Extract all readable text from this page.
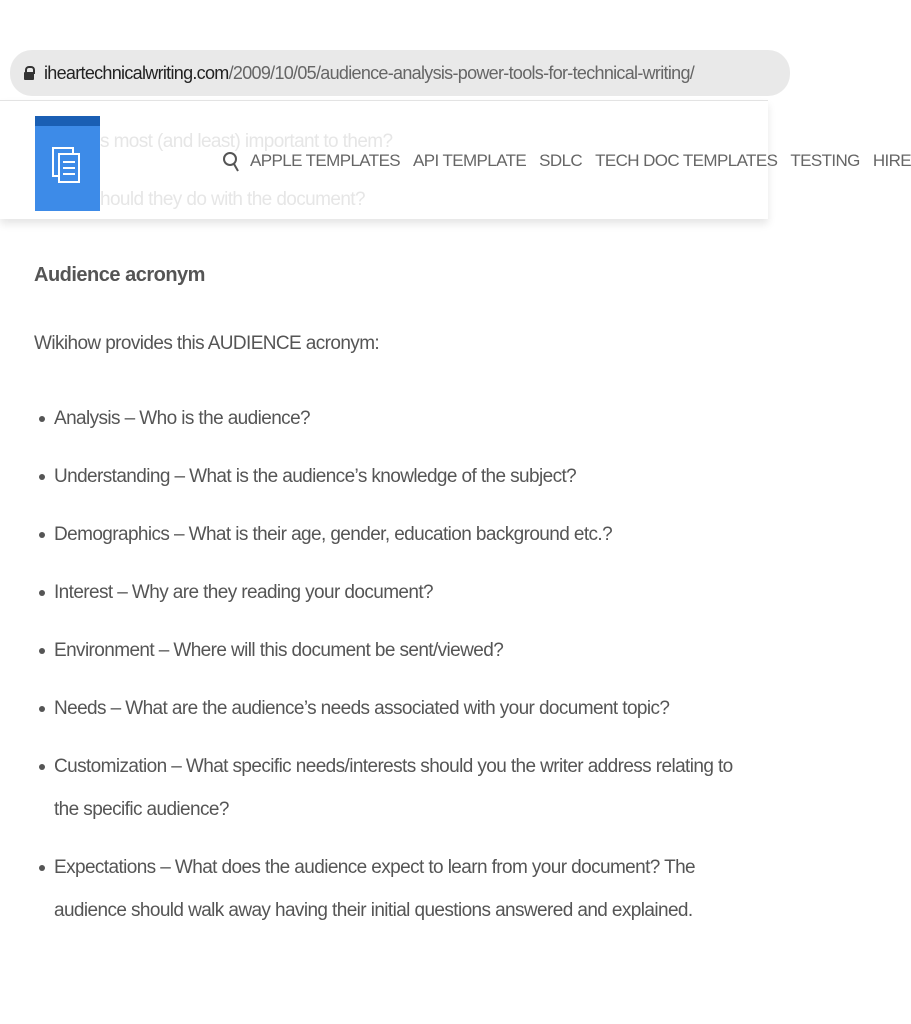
iheartechnicalwriting.com/2009/10/05/audience-analysis-power-tools-for-technical-writing/
s most (and least) important to them?
hould they do with the document?
APPLE TEMPLATES API TEMPLATE SDLC TECH DOC TEMPLATES TESTING HIRE
Audience acronym

Wikihow provides this AUDIENCE acronym:

Analysis – Who is the audience?
Understanding – What is the audience’s knowledge of the subject?
Demographics – What is their age, gender, education background etc.?
Interest – Why are they reading your document?
Environment – Where will this document be sent/viewed?
Needs – What are the audience’s needs associated with your document topic?
Customization – What specific needs/interests should you the writer address relating to the specific audience?
Expectations – What does the audience expect to learn from your document? The audience should walk away having their initial questions answered and explained.
